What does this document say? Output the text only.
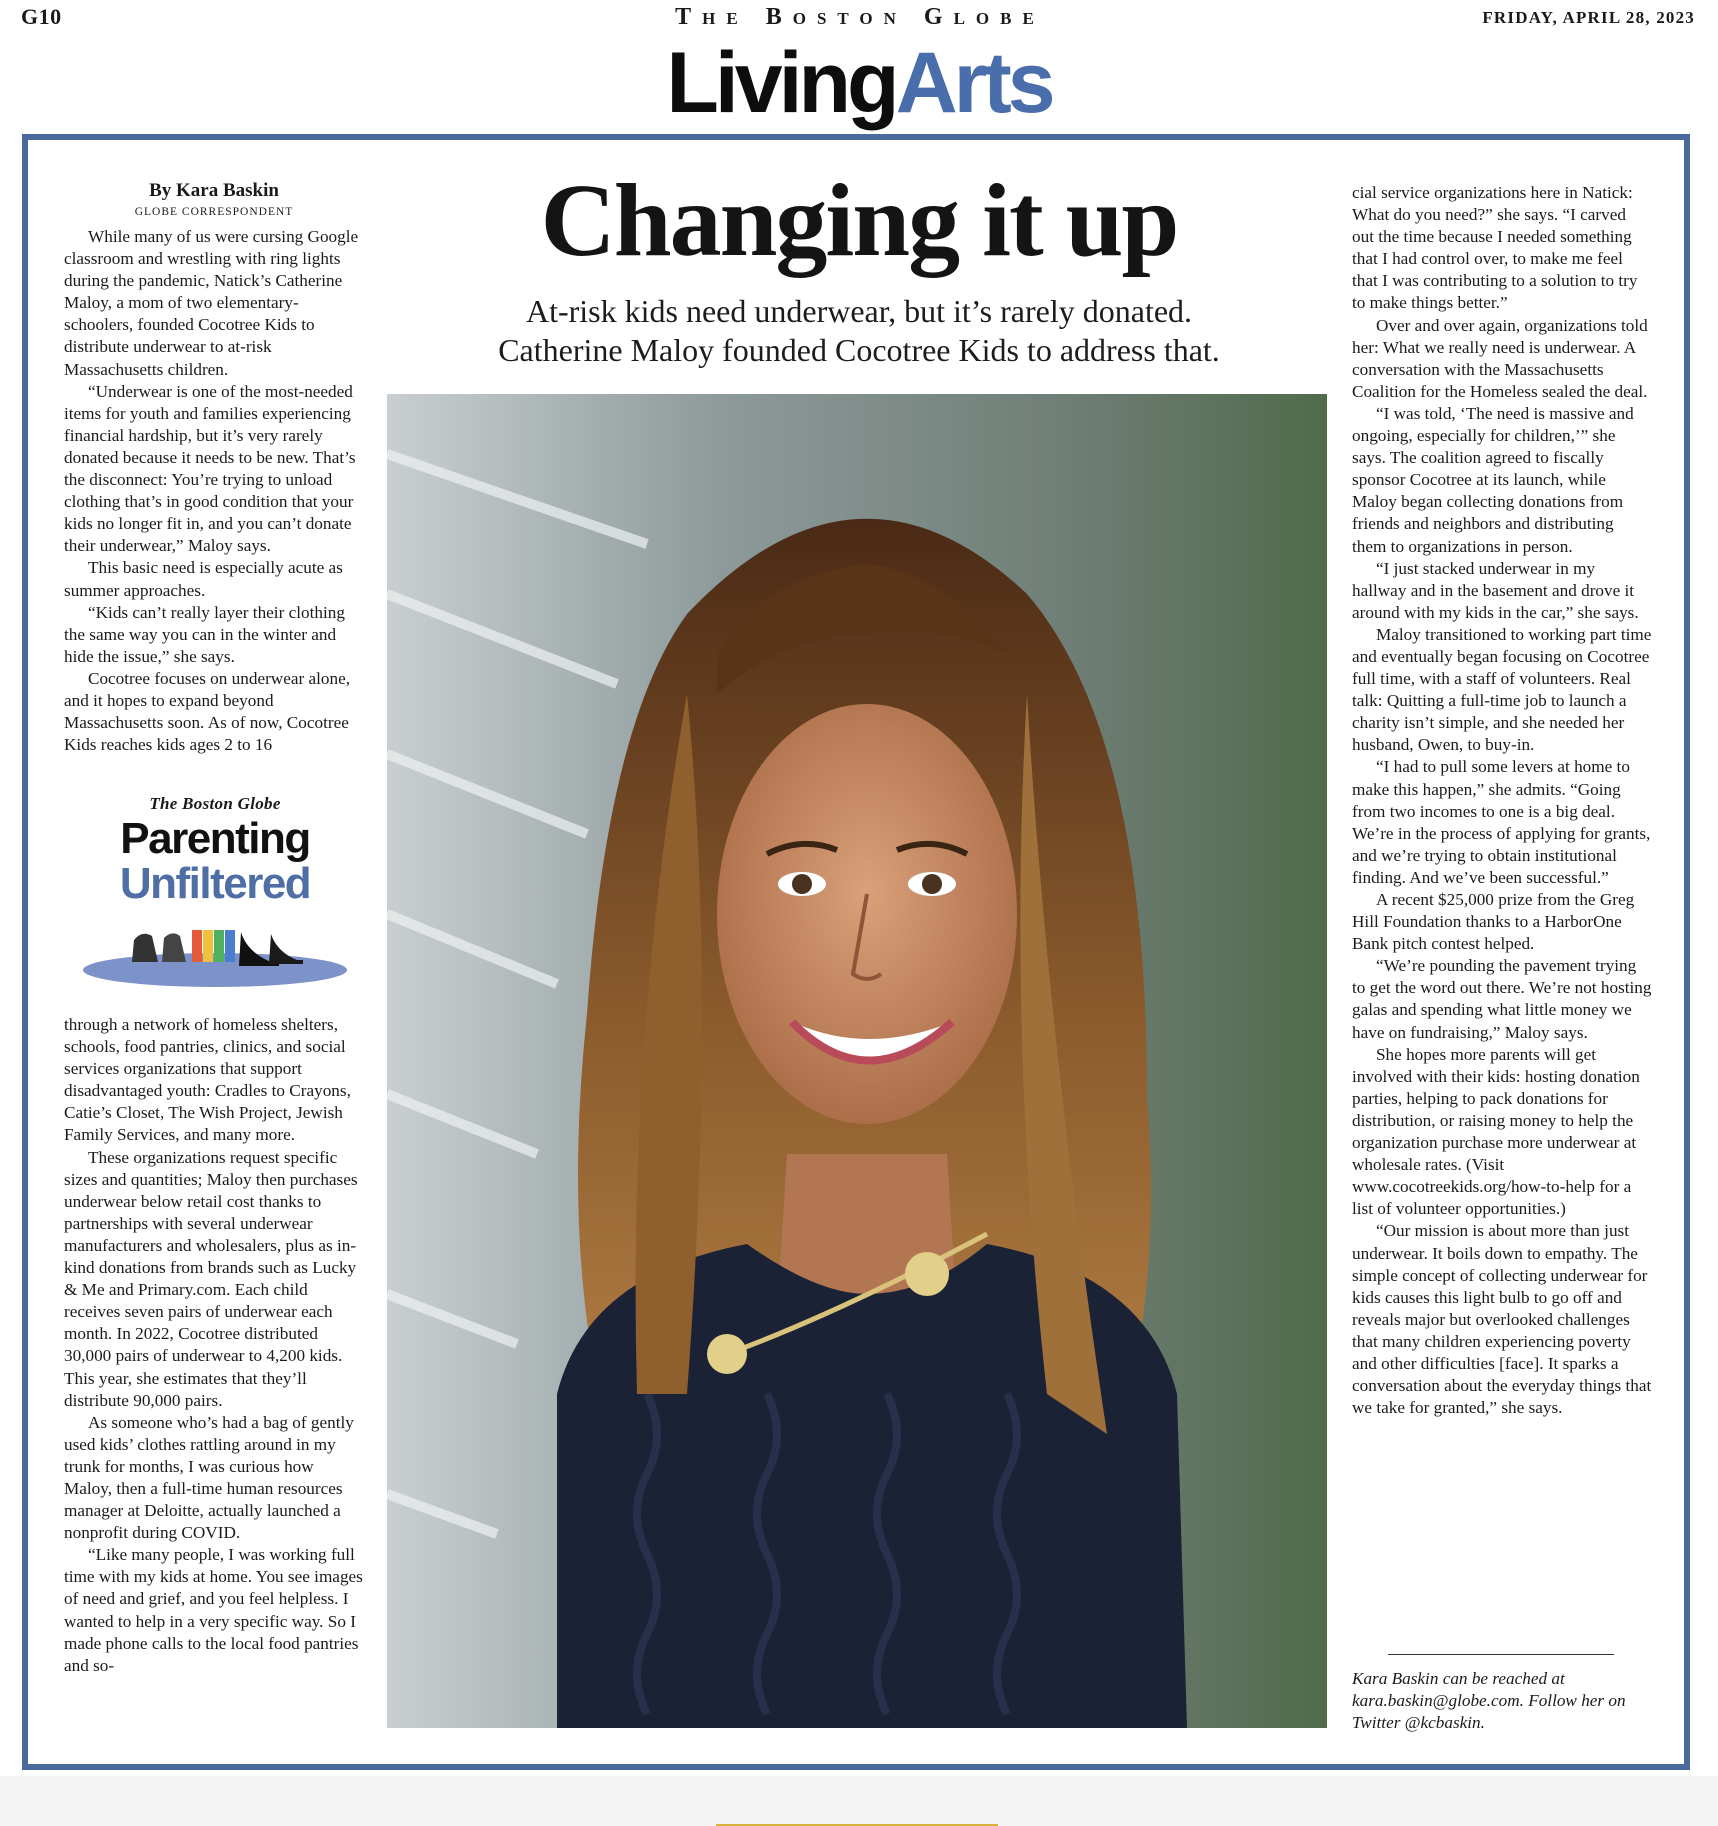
G10	The Boston Globe	FRIDAY, APRIL 28, 2023
LivingArts
By Kara Baskin
GLOBE CORRESPONDENT

While many of us were cursing Google classroom and wrestling with ring lights during the pandemic, Natick’s Catherine Maloy, a mom of two elementary-schoolers, founded Cocotree Kids to distribute underwear to at-risk Massachusetts children.

“Underwear is one of the most-needed items for youth and families experiencing financial hardship, but it’s very rarely donated because it needs to be new. That’s the disconnect: You’re trying to unload clothing that’s in good condition that your kids no longer fit in, and you can’t donate their underwear,” Maloy says.

This basic need is especially acute as summer approaches.

“Kids can’t really layer their clothing the same way you can in the winter and hide the issue,” she says.

Cocotree focuses on underwear alone, and it hopes to expand beyond Massachusetts soon. As of now, Cocotree Kids reaches kids ages 2 to 16

The Boston Globe
Parenting
Unfiltered

through a network of homeless shelters, schools, food pantries, clinics, and social services organizations that support disadvantaged youth: Cradles to Crayons, Catie’s Closet, The Wish Project, Jewish Family Services, and many more.

These organizations request specific sizes and quantities; Maloy then purchases underwear below retail cost thanks to partnerships with several underwear manufacturers and wholesalers, plus as in-kind donations from brands such as Lucky & Me and Primary.com. Each child receives seven pairs of underwear each month. In 2022, Cocotree distributed 30,000 pairs of underwear to 4,200 kids. This year, she estimates that they’ll distribute 90,000 pairs.

As someone who’s had a bag of gently used kids’ clothes rattling around in my trunk for months, I was curious how Maloy, then a full-time human resources manager at Deloitte, actually launched a nonprofit during COVID.

“Like many people, I was working full time with my kids at home. You see images of need and grief, and you feel helpless. I wanted to help in a very specific way. So I made phone calls to the local food pantries and so-

Changing it up
At-risk kids need underwear, but it’s rarely donated.
Catherine Maloy founded Cocotree Kids to address that.

cial service organizations here in Natick: What do you need?” she says. “I carved out the time because I needed something that I had control over, to make me feel that I was contributing to a solution to try to make things better.”

Over and over again, organizations told her: What we really need is underwear. A conversation with the Massachusetts Coalition for the Homeless sealed the deal.

“I was told, ‘The need is massive and ongoing, especially for children,’” she says. The coalition agreed to fiscally sponsor Cocotree at its launch, while Maloy began collecting donations from friends and neighbors and distributing them to organizations in person.

“I just stacked underwear in my hallway and in the basement and drove it around with my kids in the car,” she says.

Maloy transitioned to working part time and eventually began focusing on Cocotree full time, with a staff of volunteers. Real talk: Quitting a full-time job to launch a charity isn’t simple, and she needed her husband, Owen, to buy-in.

“I had to pull some levers at home to make this happen,” she admits. “Going from two incomes to one is a big deal. We’re in the process of applying for grants, and we’re trying to obtain institutional finding. And we’ve been successful.”

A recent $25,000 prize from the Greg Hill Foundation thanks to a HarborOne Bank pitch contest helped.

“We’re pounding the pavement trying to get the word out there. We’re not hosting galas and spending what little money we have on fundraising,” Maloy says.

She hopes more parents will get involved with their kids: hosting donation parties, helping to pack donations for distribution, or raising money to help the organization purchase more underwear at wholesale rates. (Visit www.cocotreekids.org/how-to-help for a list of volunteer opportunities.)

“Our mission is about more than just underwear. It boils down to empathy. The simple concept of collecting underwear for kids causes this light bulb to go off and reveals major but overlooked challenges that many children experiencing poverty and other difficulties [face]. It sparks a conversation about the everyday things that we take for granted,” she says.

Kara Baskin can be reached at kara.baskin@globe.com. Follow her on Twitter @kcbaskin.
